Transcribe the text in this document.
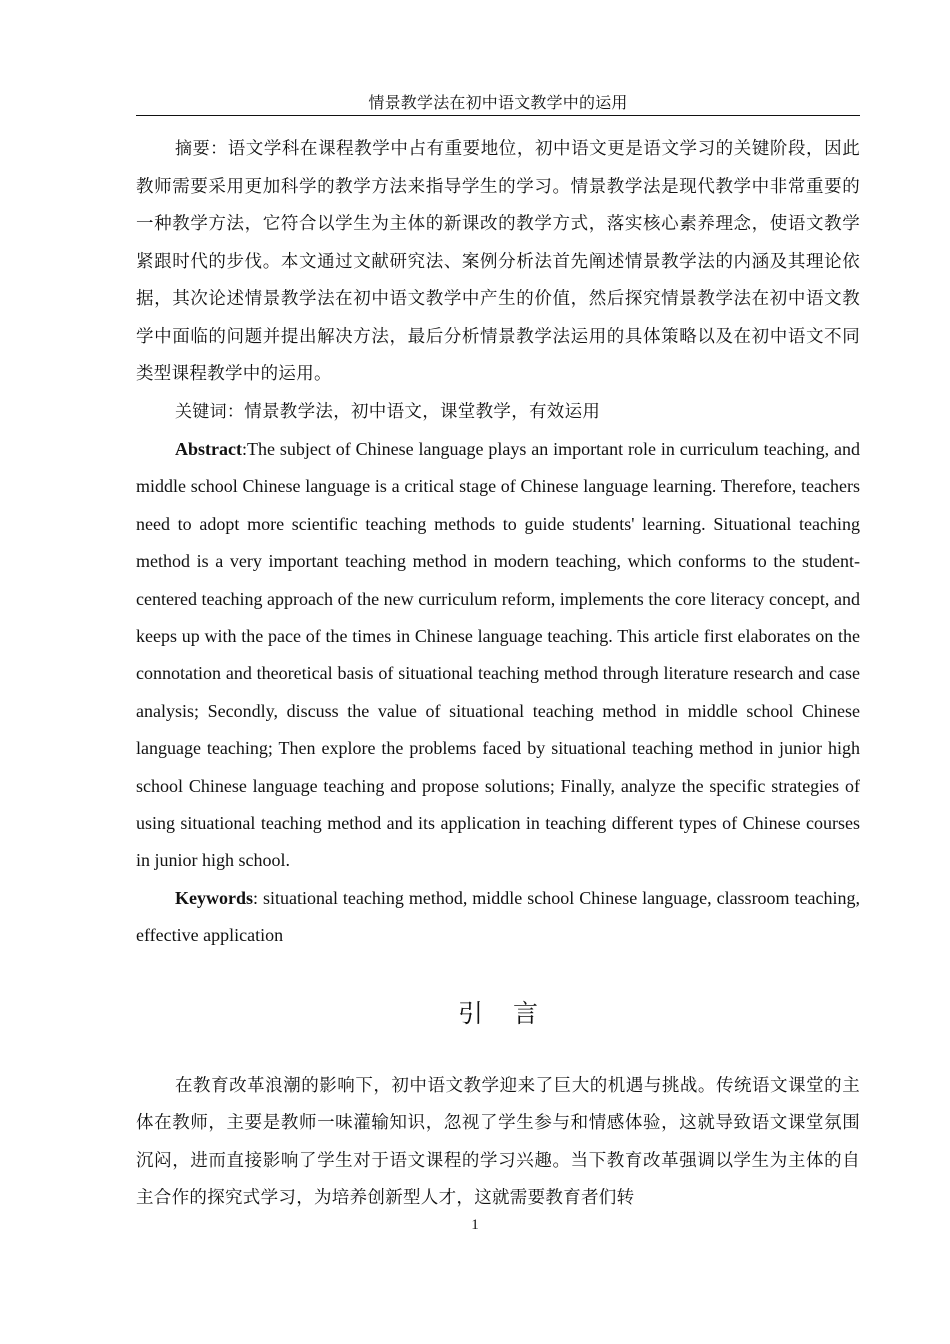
情景教学法在初中语文教学中的运用

摘要：语文学科在课程教学中占有重要地位，初中语文更是语文学习的关键阶段，因此教师需要采用更加科学的教学方法来指导学生的学习。情景教学法是现代教学中非常重要的一种教学方法，它符合以学生为主体的新课改的教学方式，落实核心素养理念，使语文教学紧跟时代的步伐。本文通过文献研究法、案例分析法首先阐述情景教学法的内涵及其理论依据，其次论述情景教学法在初中语文教学中产生的价值，然后探究情景教学法在初中语文教学中面临的问题并提出解决方法，最后分析情景教学法运用的具体策略以及在初中语文不同类型课程教学中的运用。

关键词：情景教学法，初中语文，课堂教学，有效运用

Abstract:The subject of Chinese language plays an important role in curriculum teaching, and middle school Chinese language is a critical stage of Chinese language learning. Therefore, teachers need to adopt more scientific teaching methods to guide students' learning. Situational teaching method is a very important teaching method in modern teaching, which conforms to the student-centered teaching approach of the new curriculum reform, implements the core literacy concept, and keeps up with the pace of the times in Chinese language teaching. This article first elaborates on the connotation and theoretical basis of situational teaching method through literature research and case analysis; Secondly, discuss the value of situational teaching method in middle school Chinese language teaching; Then explore the problems faced by situational teaching method in junior high school Chinese language teaching and propose solutions; Finally, analyze the specific strategies of using situational teaching method and its application in teaching different types of Chinese courses in junior high school.

Keywords: situational teaching method, middle school Chinese language, classroom teaching, effective application

引言

在教育改革浪潮的影响下，初中语文教学迎来了巨大的机遇与挑战。传统语文课堂的主体在教师，主要是教师一味灌输知识，忽视了学生参与和情感体验，这就导致语文课堂氛围沉闷，进而直接影响了学生对于语文课程的学习兴趣。当下教育改革强调以学生为主体的自主合作的探究式学习，为培养创新型人才，这就需要教育者们转

1
